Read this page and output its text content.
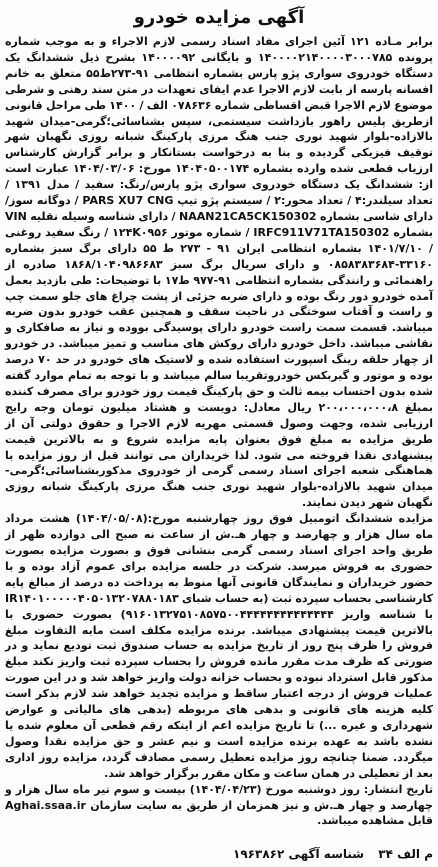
آگهی مزایده خودرو

برابر مـاده ۱۲۱ آئین اجرای مفاد اسناد رسمی لازم الاجراء و به موجب شماره پرونده ۱۴۰۰۰۰۲۱۴۰۰۰۰۳۰۰۰۷۸۵ و بایگانی ۱۴۰۰۰۰۹۲ بشرح ذیل ششدانگ یک دستگاه خودروی سواری پژو پارس بشماره انتظامی ۹۱-۲۷۳ط۵۵ متعلق به خانم افسانه پارسه از بابت لازم الاجرا عدم ایفای تعهدات در متن سند رهنی و شرطی موضوع لازم الاجرا قبض اقساطی شماره ۰۷۸۶۳۶ الف / ۱۴۰۰ طی مراحل قانونی ازطریق پلیس راهور بازداشت سیستمی، سپس بشناسائی؛گرمی-میدان شهید بالازاده-بلوار شهید نوری جنب هنگ مرزی پارکینگ شبانه روزی نگهبان شهر توقیف فیزیکی گردیده و بنا به درخواست بستانکار و برابر گزارش کارشناس ارزیاب قطعی شده وارده بشماره ۱۴۰۴۰۵۰۰۱۷۴ مورخ: ۱۴۰۴/۰۳/۰۶ عبارت است از: ششدانگ یک دستگاه خودروی سواری پژو پارس/رنگ: سفید / مدل ۱۳۹۱ / تعداد سیلندر:۴ / تعداد محور:۲ / سیستم پژو تیپ PARS XU7 CNG / دوگانه سوز/دارای شاسی بشماره NAAN21CA5CK150302 / دارای شناسه وسیله نقلیه VIN بشماره IRFC911V71TA150302 / شماره موتور ۱۲۴K۰۹۵۶ / رنگ سفید روغنی / ۱۴۰۱/۷/۱۰ بشماره انتظامی ایران ۹۱ - ۲۷۳ ط ۵۵ دارای برگ سبز بشماره ۳۳۱۶۰-۰۸۵۸۳۸۳۶۸۴ و دارای سریال برگ سبز ۱۸۶۸/۱۰۴۰۹۸۶۶۸۳ صادره از راهنمائی و رانندگی بشماره انتظامی ۹۱-۹۷۷ ط۱۷ با توضیحات: طی بازدید بعمل آمده خودرو دور رنگ بوده و دارای ضربه جزئی از پشت چراغ های جلو سمت چپ و راست و آفتاب سوختگی در ناحیت سقف و همچنین عقب خودرو بدون ضربه میباشد. قسمت سمت راست خودرو دارای پوسیدگی بووده و نیاز به صافکاری و نقاشی میباشد. داخل خودرو دارای روکش های مناسب و تمیز میباشد. در خودرو از چهار حلقه رینگ اسپورت استفاده شده و لاستیک های خودرو در حد ۷۰ درصد بوده و موتور و گیربکس خودروتقریبا سالم میباشد و با توجه به تمام موارد گفته شده بدون احتساب بیمه ثالث و حق پارکینگ قیمت روز خودرو برای مصرف کننده بمبلغ ۲۰۰،۰۰۰،۰۰۰،۸ ریال معادل: دویست و هشتاد میلیون تومان وجه رایج ارزیابی شده، وجهت وصول قسمتی مهریه لازم الاجرا و حقوق دولتی آن از طریق مزایده به مبلغ فوق بعنوان پایه مزایده شروع و به بالاترین قیمت پیشنهادی نقدا فروخته می شود. لذا خریداران می توانند قبل از روز مزایده با هماهنگی شعبه اجرای اسناد رسمی گرمی از خودروی مذکوربشناسائی؛گرمی-میدان شهید بالازاده-بلوار شهید نوری جنب هنگ مرزی پارکینگ شبانه روزی نگهبان شهر دیدن نمایند.

مزایده ششدانگ اتومبیل فوق روز چهارشنبه مورخ:(۱۴۰۴/۰۵/۰۸) هشت مرداد ماه سال هزار و چهارصد و چهار هـ.ش از ساعت نه صبح الی دوازده ظهر از طریق واحد اجرای اسناد رسمی گرمی بنشانی فوق و بصورت مزایده بصورت حضوری به فروش میرسد. شرکت در جلسه مزایده برای عموم آزاد بوده و با حضور خریداران و نمایندگان قانونی آنها منوط به پرداخت ده درصد از مبالغ پایه کارشناسی بحساب سپرده ثبت (به حساب شبای IR۱۴۰۱۰۰۰۰۰۴۰۵۰۱۳۲۰۷۸۸۰۱۸۳ با شناسه واریز ۹۱۶۰۱۳۲۷۵۱۰۸۵۷۵۰۰۴۴۴۴۴۴۴۴۴۴۴۴۴۴) بصورت حضوری با بالاترین قیمت پیشنهادی میباشد. برنده مزایده مکلف است مابه التفاوت مبلغ فروش را ظرف پنج روز از تاریخ مزایده به حساب صندوق ثبت تودیع نماید و در صورتی که ظرف مدت مقرر مانده فروش را بحساب سپرده ثبت واریز نکند مبلغ مذکور قابل استرداد نبوده و بحساب خزانه دولت واریز خواهد شد و در این صورت عملیات فروش از درجه اعتبار ساقط و مزایده تجدید خواهد شد لازم بذکر است کلیه هزینه های قانونی و بدهی های مربوطه (بدهی های مالیاتی و عوارض شهرداری و غیره ...) تا تاریخ مزایده اعم از اینکه رقم قطعی آن معلوم شده یا نشده باشد به عهده برنده مزایده است و نیم عشر و حق مزایده نقدا وصول میگردد. ضمنا چنانچه روز مزایده تعطیل رسمی مصادف گردد، مزایده روز اداری بعد از تعطیلی در همان ساعت و مکان مقرر برگزار خواهد شد.

تاریخ انتشار: روز دوشنبه مورخ (۱۴۰۴/۰۴/۲۳) بیست و سوم تیر ماه سال هزار و چهارصد و چهار هـ.ش و نیز همزمان از طریق به سایت سازمان Aghai.ssaa.ir قابل مشاهده میباشد.

م الف ۳۴ شناسه آگهی ۱۹۶۳۸۶۲
